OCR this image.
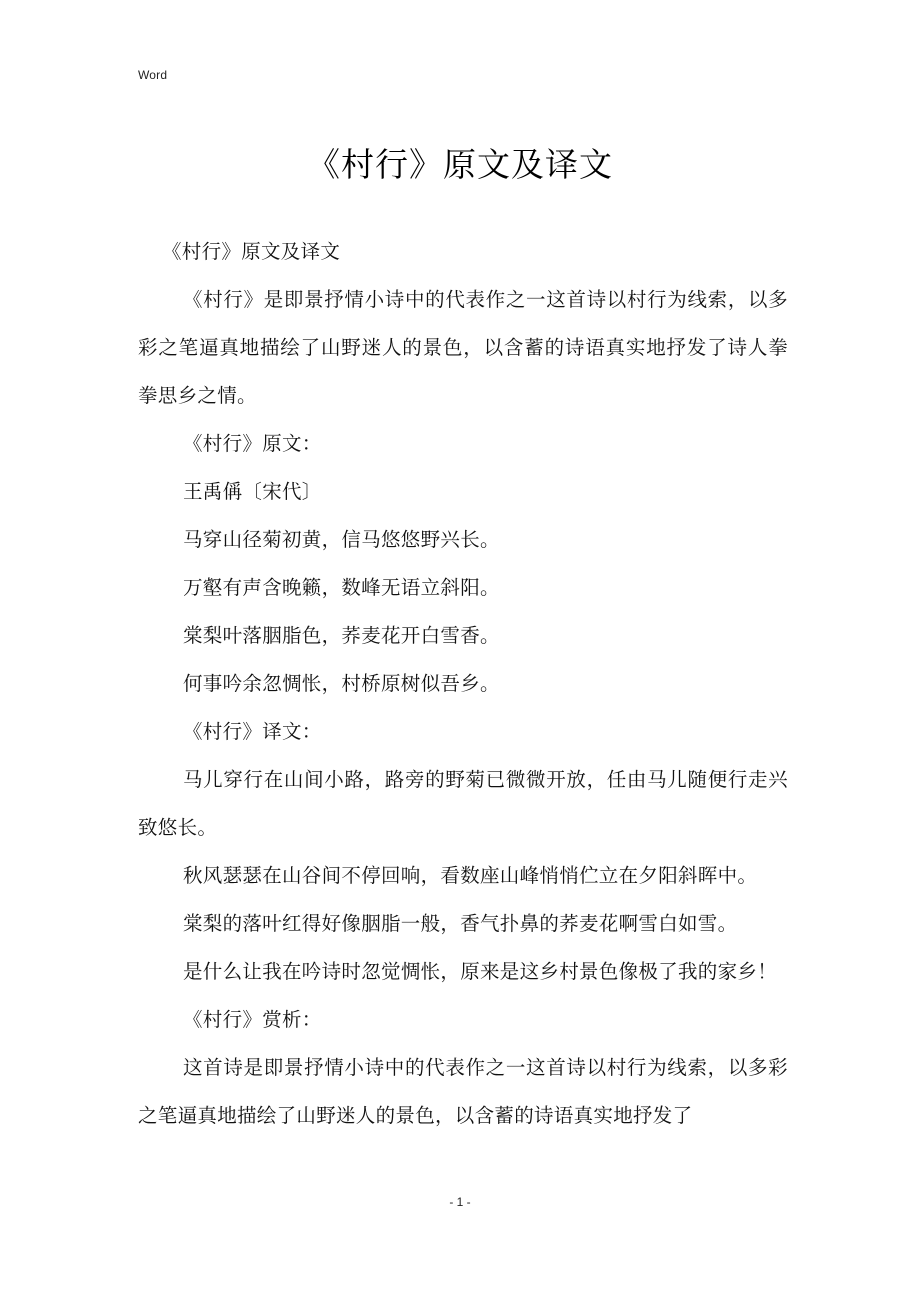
Word
《村行》原文及译文

《村行》原文及译文

《村行》是即景抒情小诗中的代表作之一这首诗以村行为线索，以多彩之笔逼真地描绘了山野迷人的景色，以含蓄的诗语真实地抒发了诗人拳拳思乡之情。

《村行》原文：

王禹偁〔宋代〕

马穿山径菊初黄，信马悠悠野兴长。

万壑有声含晚籁，数峰无语立斜阳。

棠梨叶落胭脂色，荞麦花开白雪香。

何事吟余忽惆怅，村桥原树似吾乡。

《村行》译文：

马儿穿行在山间小路，路旁的野菊已微微开放，任由马儿随便行走兴致悠长。

秋风瑟瑟在山谷间不停回响，看数座山峰悄悄伫立在夕阳斜晖中。

棠梨的落叶红得好像胭脂一般，香气扑鼻的荞麦花啊雪白如雪。

是什么让我在吟诗时忽觉惆怅，原来是这乡村景色像极了我的家乡！

《村行》赏析：

这首诗是即景抒情小诗中的代表作之一这首诗以村行为线索，以多彩之笔逼真地描绘了山野迷人的景色，以含蓄的诗语真实地抒发了

- 1 -
